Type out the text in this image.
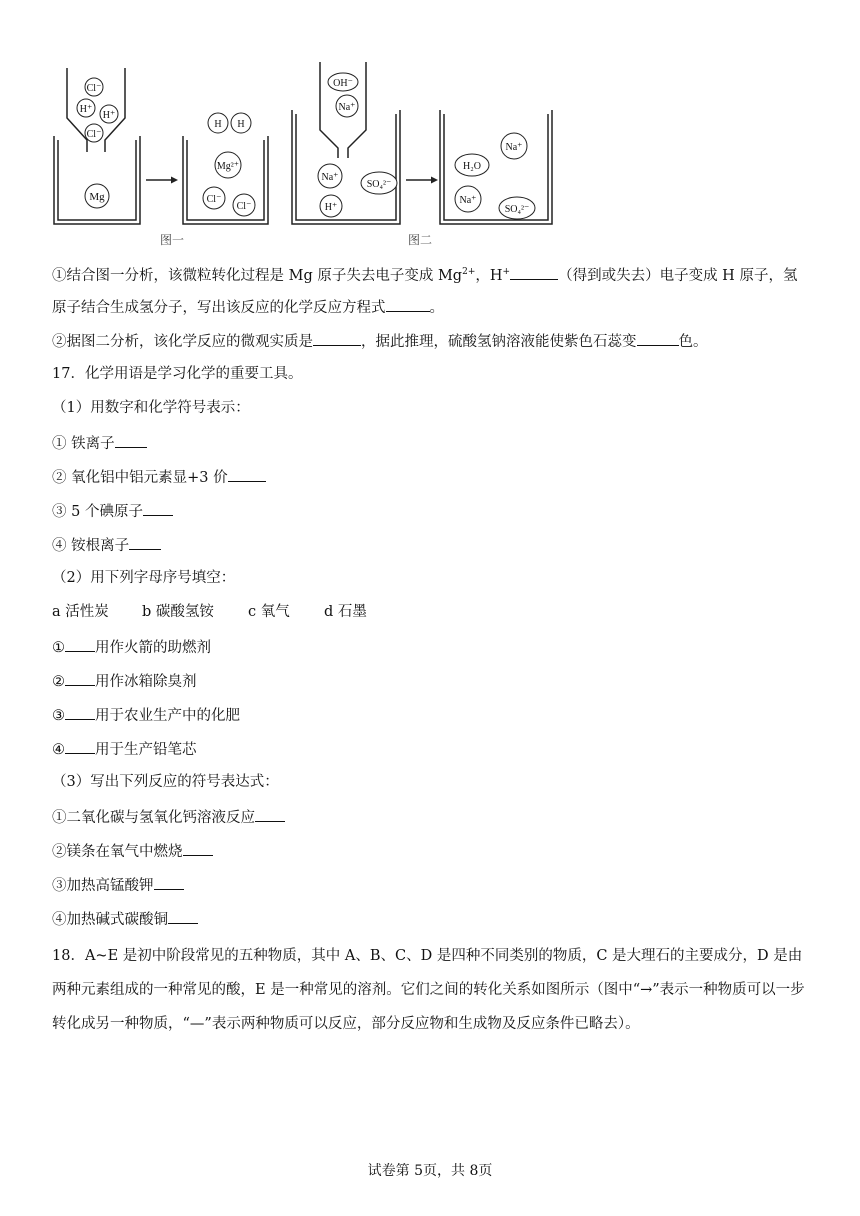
Cl⁻
H⁺
H⁺
Cl⁻
Mg
H H
Mg²⁺
Cl⁻
Cl⁻
OH⁻
Na⁺
Na⁺
SO₄²⁻
H⁺
H₂O
Na⁺
Na⁺
SO₄²⁻
图一	图二
①结合图一分析，该微粒转化过程是 Mg 原子失去电子变成 $Mg^{2+}$，H+	（得到或失去）电子变成 H 原子，氢
原子结合生成氢分子，写出该反应的化学反应方程式	。
②据图二分析，该化学反应的微观实质是	，据此推理，硫酸氢钠溶液能使紫色石蕊变	色。
17．化学用语是学习化学的重要工具。
（1）用数字和化学符号表示：
① 铁离子
② 氧化铝中铝元素显+3 价
③ 5 个碘原子
④ 铵根离子
（2）用下列字母序号填空：
a 活性炭 b 碳酸氢铵 c 氧气 d 石墨
① 用作火箭的助燃剂
② 用作冰箱除臭剂
③ 用于农业生产中的化肥
④ 用于生产铅笔芯
（3）写出下列反应的符号表达式：
①二氧化碳与氢氧化钙溶液反应
②镁条在氧气中燃烧
③加热高锰酸钾
④加热碱式碳酸铜
18．A~E 是初中阶段常见的五种物质，其中 A、B、C、D 是四种不同类别的物质，C 是大理石的主要成分，D 是由两种元素组成的一种常见的酸，E 是一种常见的溶剂。它们之间的转化关系如图所示（图中“→”表示一种物质可以一步转化成另一种物质，“—”表示两种物质可以反应，部分反应物和生成物及反应条件已略去）。
试卷第 5页，共 8页
